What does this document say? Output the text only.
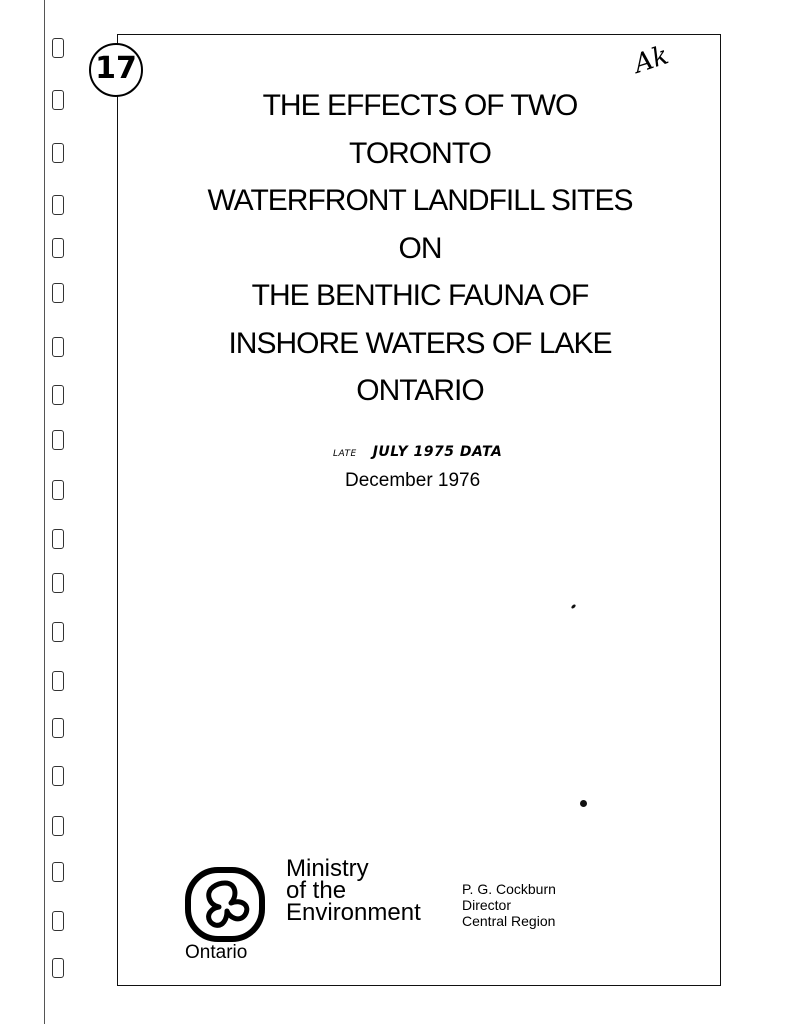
17	Ak
THE EFFECTS OF TWO
TORONTO
WATERFRONT LANDFILL SITES
ON
THE BENTHIC FAUNA OF
INSHORE WATERS OF LAKE
ONTARIO
LATE JULY 1975 DATA
December 1976
Ontario
Ministry
of the
Environment
P. G. Cockburn
Director
Central Region
